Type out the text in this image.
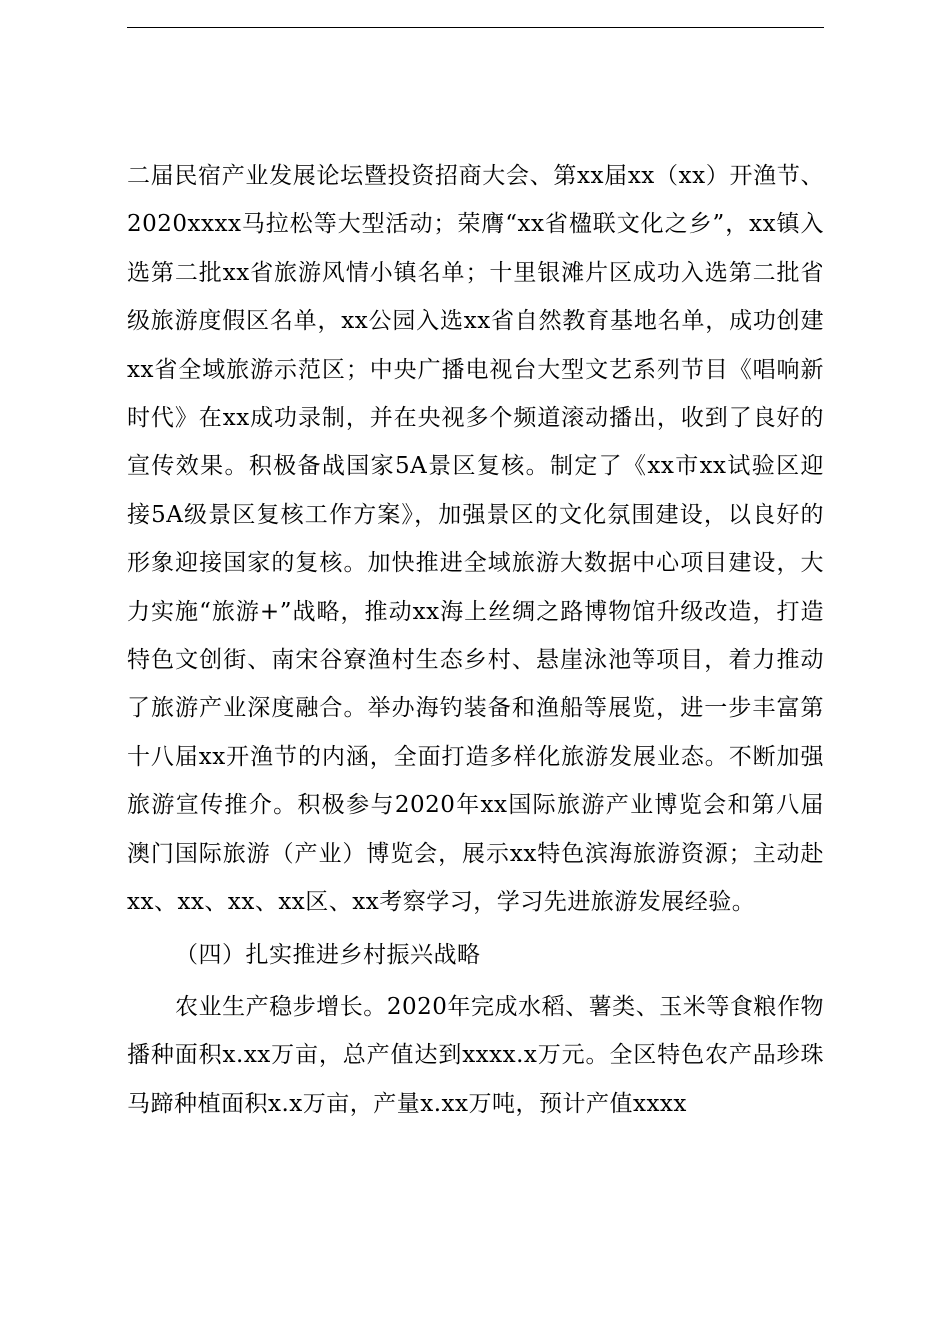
二届民宿产业发展论坛暨投资招商大会、第xx届xx（xx）开渔节、2020xxxx马拉松等大型活动；荣膺“xx省楹联文化之乡”，xx镇入选第二批xx省旅游风情小镇名单；十里银滩片区成功入选第二批省级旅游度假区名单，xx公园入选xx省自然教育基地名单，成功创建xx省全域旅游示范区；中央广播电视台大型文艺系列节目《唱响新时代》在xx成功录制，并在央视多个频道滚动播出，收到了良好的宣传效果。积极备战国家5A景区复核。制定了《xx市xx试验区迎接5A级景区复核工作方案》，加强景区的文化氛围建设，以良好的形象迎接国家的复核。加快推进全域旅游大数据中心项目建设，大力实施“旅游+”战略，推动xx海上丝绸之路博物馆升级改造，打造特色文创街、南宋谷寮渔村生态乡村、悬崖泳池等项目，着力推动了旅游产业深度融合。举办海钓装备和渔船等展览，进一步丰富第十八届xx开渔节的内涵，全面打造多样化旅游发展业态。不断加强旅游宣传推介。积极参与2020年xx国际旅游产业博览会和第八届澳门国际旅游（产业）博览会，展示xx特色滨海旅游资源；主动赴xx、xx、xx、xx区、xx考察学习，学习先进旅游发展经验。

（四）扎实推进乡村振兴战略

农业生产稳步增长。2020年完成水稻、薯类、玉米等食粮作物播种面积x.xx万亩，总产值达到xxxx.x万元。全区特色农产品珍珠马蹄种植面积x.x万亩，产量x.xx万吨，预计产值xxxx
